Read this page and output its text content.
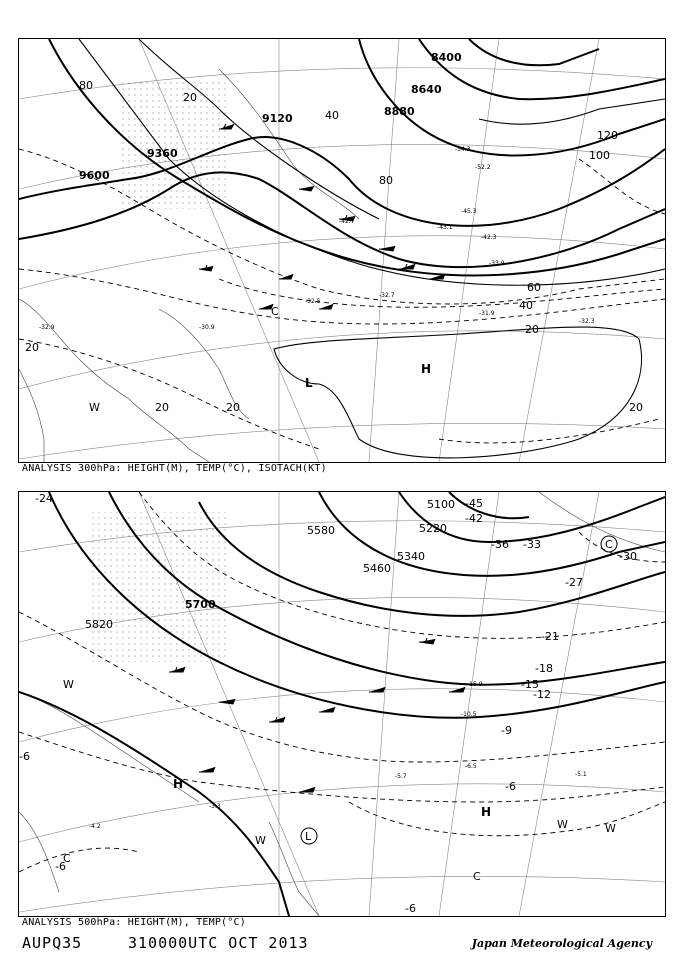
9600
9360
9120
8880
8640
8400
20
40
60
80
100
120
20
40
20
20
20	20
80
-54.3
-52.2
-45.3
-43.1
-42.7
-42.3
-33.9
-32.7
-31.9
-32.3
-32.9	-30.9
-32.5
H
L
W
C
ANALYSIS 300hPa: HEIGHT(M), TEMP(°C), ISOTACH(KT)
5820
5700
5580
5460
5340
5220
5100 -45
-42
-36 -33
-30
-27
-24
-21
-18
-15
-12
-9
-6
-6
-6
-6
-5.7
-6.5
-5.1
-4.2
-3.3
-10.5
-15.9
H
H
L
C
W
W
W	W
C
C
ANALYSIS 500hPa: HEIGHT(M), TEMP(°C)
AUPQ35	310000UTC OCT 2013	Japan Meteorological Agency
